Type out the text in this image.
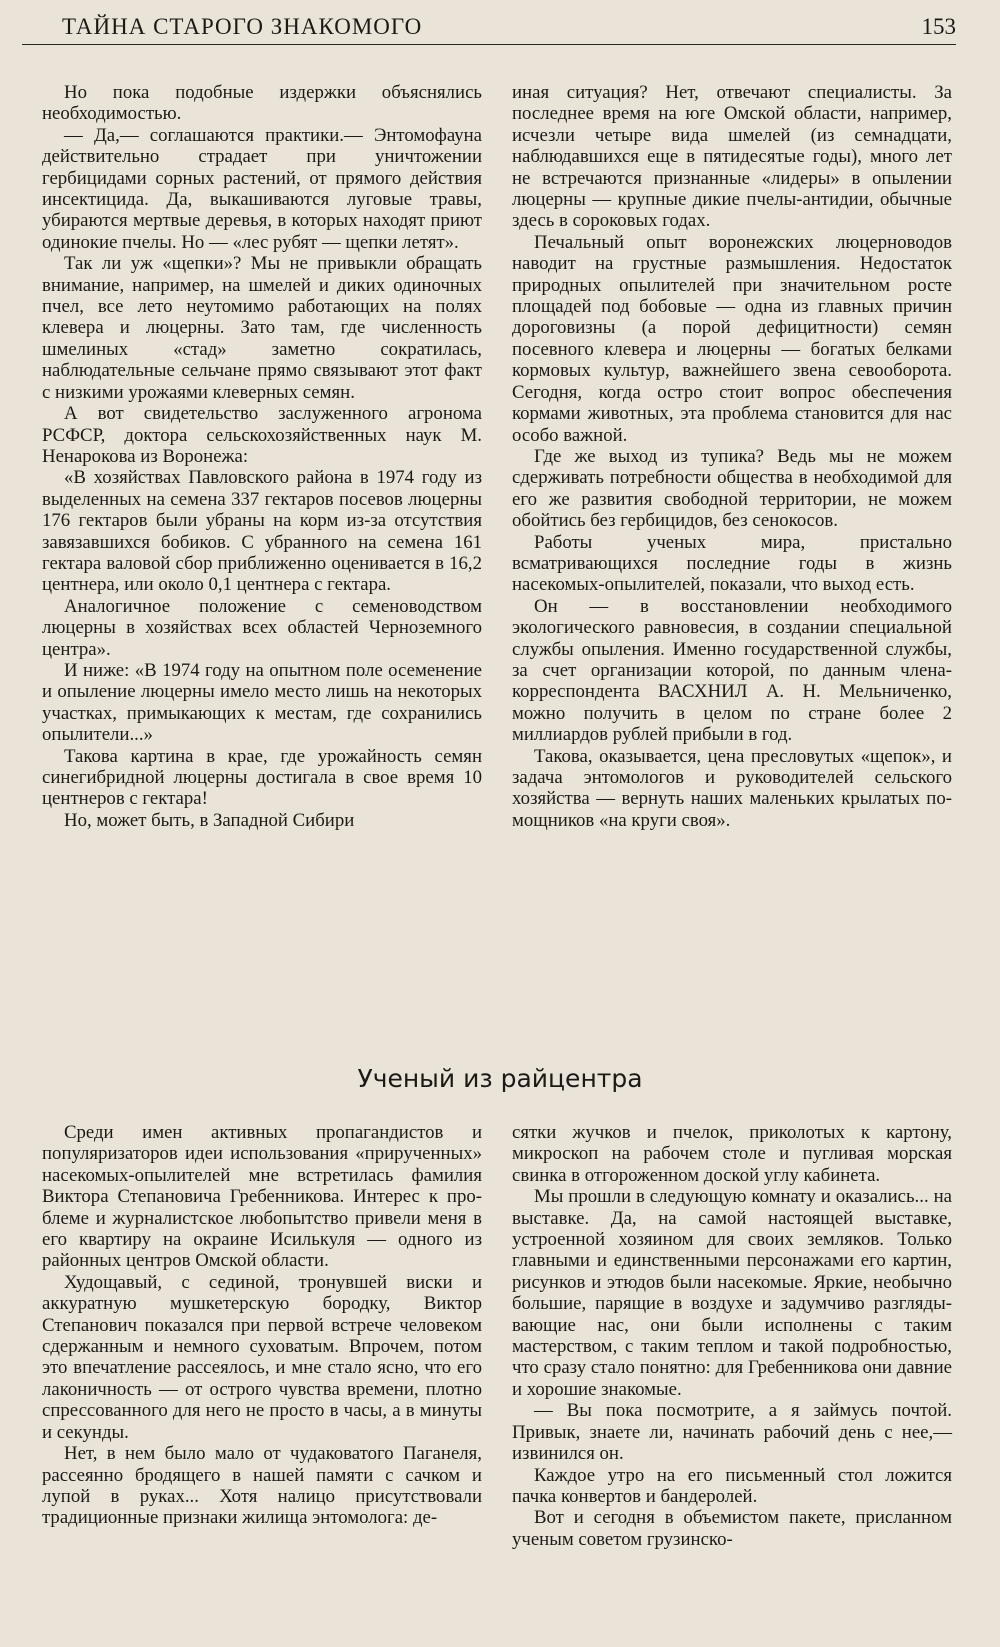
ТАЙНА СТАРОГО ЗНАКОМОГО	153

Но пока подобные издержки объяснялись необходимостью.

— Да,— соглашаются практики.— Энтомофауна действительно страдает при уничтожении гербицидами сорных растений, от прямого действия инсектицида. Да, выкашиваются луговые травы, убираются мертвые деревья, в которых находят приют одинокие пчелы. Но — «лес рубят — щепки летят».

Так ли уж «щепки»? Мы не привыкли обращать внимание, например, на шмелей и диких одиночных пчел, все лето неутомимо работающих на полях клевера и люцерны. Зато там, где численность шмелиных «стад» заметно сократилась, наблюдательные сельчане прямо связывают этот факт с низкими урожаями клеверных семян.

А вот свидетельство заслуженного агронома РСФСР, доктора сельскохозяйственных наук М. Ненарокова из Воронежа:

«В хозяйствах Павловского района в 1974 году из выделенных на семена 337 гектаров посевов люцерны 176 гектаров были убраны на корм из-за отсутствия завязавшихся бобиков. С убранного на семена 161 гектара валовой сбор приближенно оценивается в 16,2 центнера, или около 0,1 центнера с гектара.

Аналогичное положение с семеноводством люцерны в хозяйствах всех областей Черноземного центра».

И ниже: «В 1974 году на опытном поле осеменение и опыление люцерны имело место лишь на некоторых участках, примыкающих к местам, где сохранились опылители...»

Такова картина в крае, где урожайность семян синегибридной люцерны достигала в свое время 10 центнеров с гектара!

Но, может быть, в Западной Сибири

иная ситуация? Нет, отвечают специалисты. За последнее время на юге Омской области, например, исчезли четыре вида шмелей (из семнадцати, наблюдавшихся еще в пятидесятые годы), много лет не встречаются признанные «лидеры» в опылении люцерны — крупные дикие пчелы-антидии, обычные здесь в сороковых годах.

Печальный опыт воронежских люцерноводов наводит на грустные размышления. Недостаток природных опылителей при значительном росте площадей под бобовые — одна из главных причин дороговизны (а порой дефицитности) семян посевного клевера и люцерны — богатых белками кормовых культур, важнейшего звена севооборота. Сегодня, когда остро стоит вопрос обеспечения кормами животных, эта проблема становится для нас особо важной.

Где же выход из тупика? Ведь мы не можем сдерживать потребности общества в необходимой для его же развития свободной территории, не можем обойтись без гербицидов, без сенокосов.

Работы ученых мира, пристально всматривающихся последние годы в жизнь насекомых-опылителей, показали, что выход есть.

Он — в восстановлении необходимого экологического равновесия, в создании специальной службы опыления. Именно государственной службы, за счет организации которой, по данным члена-корреспондента ВАСХНИЛ А. Н. Мельниченко, можно получить в целом по стране более 2 миллиардов рублей прибыли в год.

Такова, оказывается, цена пресловутых «щепок», и задача энтомологов и руководителей сельского хозяйства — вернуть наших маленьких крылатых помощников «на круги своя».

Ученый из райцентра

Среди имен активных пропагандистов и популяризаторов идеи использования «прирученных» насекомых-опылителей мне встретилась фамилия Виктора Степановича Гребенникова. Интерес к проблеме и журналистское любопытство привели меня в его квартиру на окраине Исилькуля — одного из районных центров Омской области.

Худощавый, с сединой, тронувшей виски и аккуратную мушкетерскую бородку, Виктор Степанович показался при первой встрече человеком сдержанным и немного суховатым. Впрочем, потом это впечатление рассеялось, и мне стало ясно, что его лаконичность — от острого чувства времени, плотно спрессованного для него не просто в часы, а в минуты и секунды.

Нет, в нем было мало от чудаковатого Паганеля, рассеянно бродящего в нашей памяти с сачком и лупой в руках... Хотя налицо присутствовали традиционные признаки жилища энтомолога: де-

сятки жучков и пчелок, приколотых к картону, микроскоп на рабочем столе и пугливая морская свинка в отгороженном доской углу кабинета.

Мы прошли в следующую комнату и оказались... на выставке. Да, на самой настоящей выставке, устроенной хозяином для своих земляков. Только главными и единственными персонажами его картин, рисунков и этюдов были насекомые. Яркие, необычно большие, парящие в воздухе и задумчиво разглядывающие нас, они были исполнены с таким мастерством, с таким теплом и такой подробностью, что сразу стало понятно: для Гребенникова они давние и хорошие знакомые.

— Вы пока посмотрите, а я займусь почтой. Привык, знаете ли, начинать рабочий день с нее,— извинился он.

Каждое утро на его письменный стол ложится пачка конвертов и бандеролей.

Вот и сегодня в объемистом пакете, присланном ученым советом грузинско-
